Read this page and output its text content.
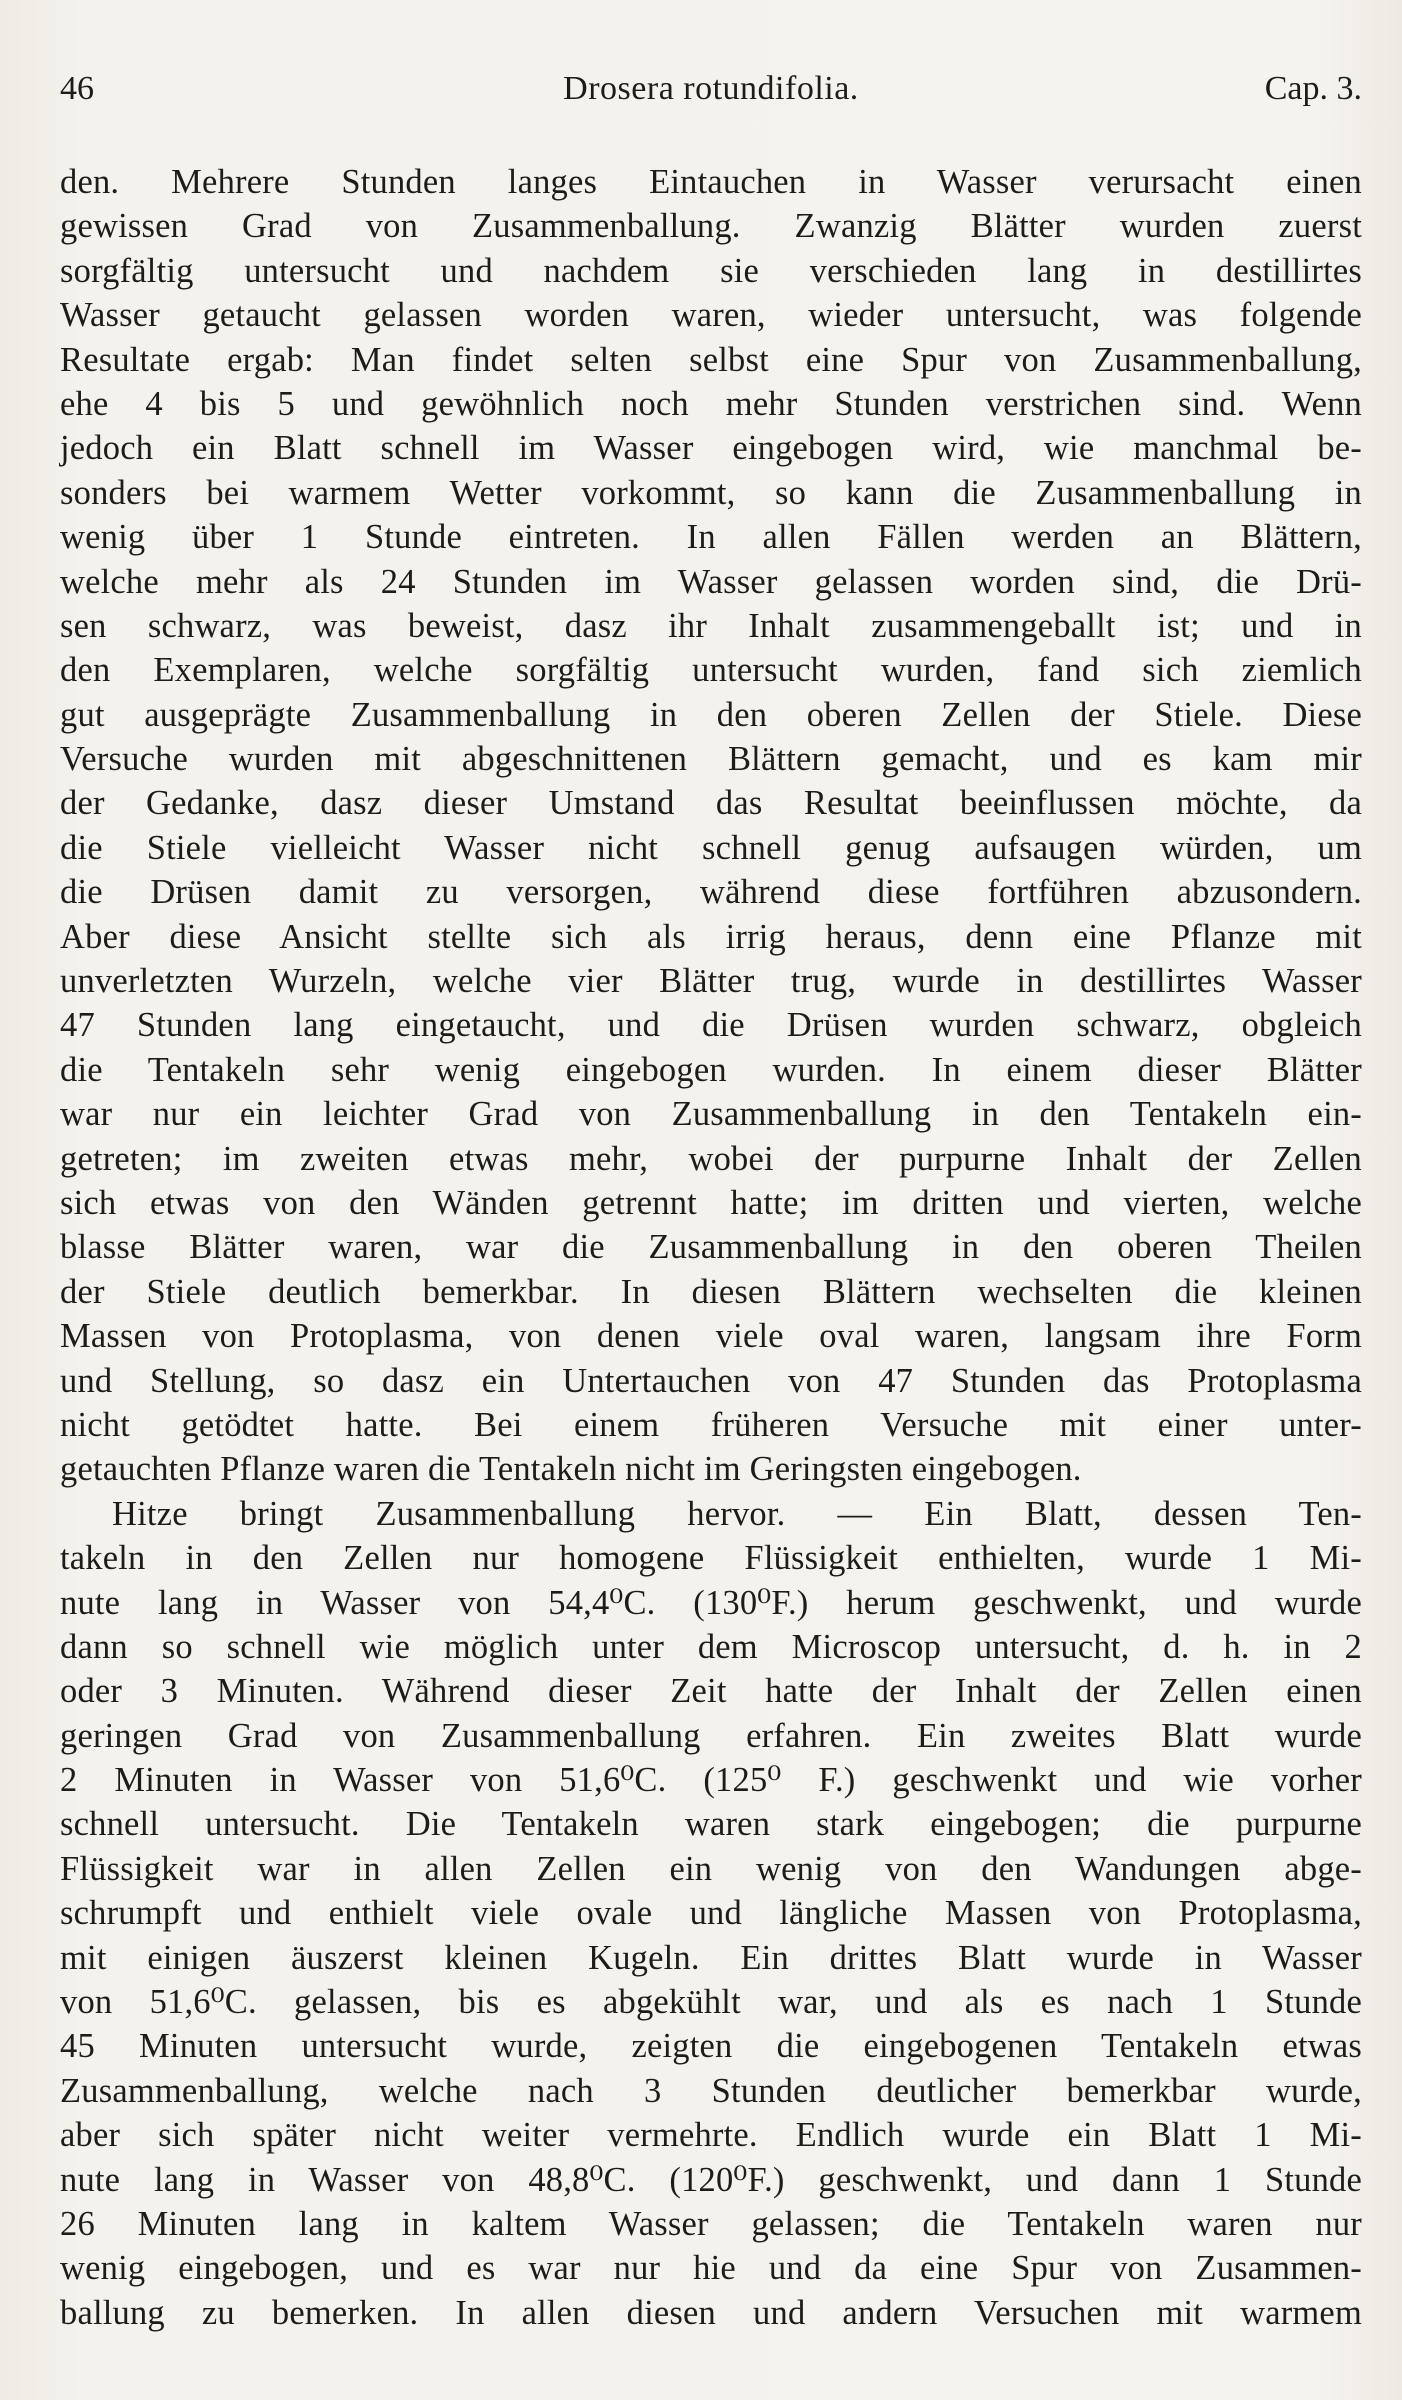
46	Drosera rotundifolia.	Cap. 3.
den. Mehrere Stunden langes Eintauchen in Wasser verursacht einen
gewissen Grad von Zusammenballung. Zwanzig Blätter wurden zuerst
sorgfältig untersucht und nachdem sie verschieden lang in destillirtes
Wasser getaucht gelassen worden waren, wieder untersucht, was folgende
Resultate ergab: Man findet selten selbst eine Spur von Zusammenballung,
ehe 4 bis 5 und gewöhnlich noch mehr Stunden verstrichen sind. Wenn
jedoch ein Blatt schnell im Wasser eingebogen wird, wie manchmal be-
sonders bei warmem Wetter vorkommt, so kann die Zusammenballung in
wenig über 1 Stunde eintreten. In allen Fällen werden an Blättern,
welche mehr als 24 Stunden im Wasser gelassen worden sind, die Drü-
sen schwarz, was beweist, dasz ihr Inhalt zusammengeballt ist; und in
den Exemplaren, welche sorgfältig untersucht wurden, fand sich ziemlich
gut ausgeprägte Zusammenballung in den oberen Zellen der Stiele. Diese
Versuche wurden mit abgeschnittenen Blättern gemacht, und es kam mir
der Gedanke, dasz dieser Umstand das Resultat beeinflussen möchte, da
die Stiele vielleicht Wasser nicht schnell genug aufsaugen würden, um
die Drüsen damit zu versorgen, während diese fortführen abzusondern.
Aber diese Ansicht stellte sich als irrig heraus, denn eine Pflanze mit
unverletzten Wurzeln, welche vier Blätter trug, wurde in destillirtes Wasser
47 Stunden lang eingetaucht, und die Drüsen wurden schwarz, obgleich
die Tentakeln sehr wenig eingebogen wurden. In einem dieser Blätter
war nur ein leichter Grad von Zusammenballung in den Tentakeln ein-
getreten; im zweiten etwas mehr, wobei der purpurne Inhalt der Zellen
sich etwas von den Wänden getrennt hatte; im dritten und vierten, welche
blasse Blätter waren, war die Zusammenballung in den oberen Theilen
der Stiele deutlich bemerkbar. In diesen Blättern wechselten die kleinen
Massen von Protoplasma, von denen viele oval waren, langsam ihre Form
und Stellung, so dasz ein Untertauchen von 47 Stunden das Protoplasma
nicht getödtet hatte. Bei einem früheren Versuche mit einer unter-
getauchten Pflanze waren die Tentakeln nicht im Geringsten eingebogen.
Hitze bringt Zusammenballung hervor. — Ein Blatt, dessen Ten-
takeln in den Zellen nur homogene Flüssigkeit enthielten, wurde 1 Mi-
nute lang in Wasser von 54,4⁰C. (130⁰F.) herum geschwenkt, und wurde
dann so schnell wie möglich unter dem Microscop untersucht, d. h. in 2
oder 3 Minuten. Während dieser Zeit hatte der Inhalt der Zellen einen
geringen Grad von Zusammenballung erfahren. Ein zweites Blatt wurde
2 Minuten in Wasser von 51,6⁰C. (125⁰ F.) geschwenkt und wie vorher
schnell untersucht. Die Tentakeln waren stark eingebogen; die purpurne
Flüssigkeit war in allen Zellen ein wenig von den Wandungen abge-
schrumpft und enthielt viele ovale und längliche Massen von Protoplasma,
mit einigen äuszerst kleinen Kugeln. Ein drittes Blatt wurde in Wasser
von 51,6⁰C. gelassen, bis es abgekühlt war, und als es nach 1 Stunde
45 Minuten untersucht wurde, zeigten die eingebogenen Tentakeln etwas
Zusammenballung, welche nach 3 Stunden deutlicher bemerkbar wurde,
aber sich später nicht weiter vermehrte. Endlich wurde ein Blatt 1 Mi-
nute lang in Wasser von 48,8⁰C. (120⁰F.) geschwenkt, und dann 1 Stunde
26 Minuten lang in kaltem Wasser gelassen; die Tentakeln waren nur
wenig eingebogen, und es war nur hie und da eine Spur von Zusammen-
ballung zu bemerken. In allen diesen und andern Versuchen mit warmem
